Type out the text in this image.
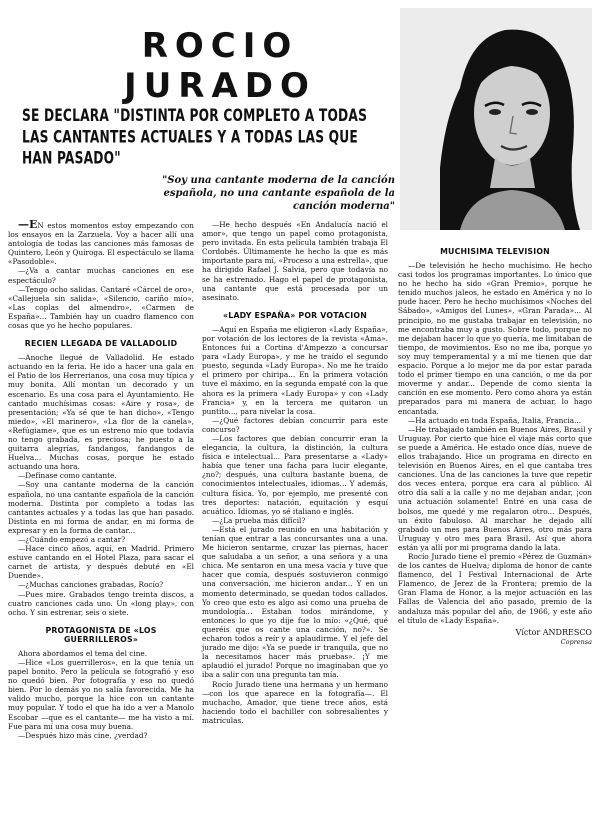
ROCIO JURADO
SE DECLARA "DISTINTA POR COMPLETO A TODAS LAS CANTANTES ACTUALES Y A TODAS LAS QUE HAN PASADO"
"Soy una cantante moderna de la canción española, no una cantante española de la canción moderna"

—EN estos momentos estoy empezando con los ensayos en la Zarzuela. Voy a hacer allí una antología de todas las canciones más famosas de Quintero, León y Quiroga. El espectáculo se llama «Pasodoble».

—¿Va a cantar muchas canciones en ese espectáculo?

—Tengo ocho salidas. Cantaré «Cárcel de oro», «Callejuela sin salida», «Silencio, cariño mío», «Las coplas del almendro», «Carmen de España»... También hay un cuadro flamenco con cosas que yo he hecho populares.

RECIEN LLEGADA DE VALLADOLID

—Anoche llegué de Valladolid. He estado actuando en la feria. He ido a hacer una gala en el Patio de los Herrerianos, una cosa muy típica y muy bonita. Allí montan un decorado y un escenario. Es una cosa para el Ayuntamiento. He cantado muchísimas cosas: «Aire y rosa», de presentación; «Ya sé que te han dicho», «Tengo miedo», «El marinero», «La flor de la canela», «Refúgiame», que es un estreno mío que todavía no tengo grabada, es preciosa; he puesto a la guitarra alegrías, fandangos, fandangos de Huelva... Muchas cosas, porque he estado actuando una hora.

—Defínase como cantante.

—Soy una cantante moderna de la canción española, no una cantante española de la canción moderna. Distinta por completo a todas las cantantes actuales y a todas las que han pasado. Distinta en mi forma de andar, en mi forma de expresar y en la forma de cantar...

—¿Cuándo empezó a cantar?

—Hace cinco años, aquí, en Madrid. Primero estuve cantando en el Hotel Plaza, para sacar el carnet de artista, y después debuté en «El Duende».

—¿Muchas canciones grabadas, Rocío?

—Pues mire. Grabados tengo treinta discos, a cuatro canciones cada uno. Un «long play», con ocho. Y sin estrenar, seis o siete.

PROTAGONISTA DE «LOS GUERRILLEROS»

Ahora abordamos el tema del cine.

—Hice «Los guerrilleros», en la que tenía un papel bonito. Pero la película se fotografió y eso no quedó bien. Por fotografía y eso no quedó bien. Por lo demás yo no salía favorecida. Me ha valido mucho, porque la hice con un cantante muy popular. Y todo el que ha ido a ver a Manolo Escobar —que es el cantante— me ha visto a mí. Fue para mí una cosa muy buena.

—Después hizo más cine, ¿verdad?

—He hecho después «En Andalucía nació el amor», que tengo un papel como protagonista, pero invitada. En esta película también trabaja El Cordobés. Últimamente he hecho la que es más importante para mí, «Proceso a una estrella», que ha dirigido Rafael J. Salvia, pero que todavía no se ha estrenado. Hago el papel de protagonista, una cantante que está procesada por un asesinato.

«LADY ESPAÑA» POR VOTACION

—Aquí en España me eligieron «Lady España», por votación de los lectores de la revista «Ama». Entonces fui a Cortina d'Ampezzo a concursar para «Lady Europa», y me he traído el segundo puesto, segunda «Lady Europa». No me he traído el primero por chiripa... En la primera votación tuve el máximo, en la segunda empaté con la que ahora es la primera «Lady Europa» y con «Lady Francia» y, en la tercera me quitaron un puntito..., para nivelar la cosa.

—¿Qué factores debían concurrir para este concurso?

—Los factores que debían concurrir eran la elegancia, la cultura, la distinción, la cultura física e intelectual... Para presentarse a «Lady» había que tener una facha para lucir elegante, ¿no?; después, una cultura bastante buena, de conocimientos intelectuales, idiomas... Y además, cultura física. Yo, por ejemplo, me presenté con tres deportes: natación, equitación y esquí acuático. Idiomas, yo sé italiano e inglés.

—¿La prueba más difícil?

—Está el jurado reunido en una habitación y tenían que entrar a las concursantes una a una. Me hicieron sentarme, cruzar las piernas, hacer que saludaba a un señor, a una señora y a una chica. Me sentaron en una mesa vacía y tuve que hacer que comía, después sostuvieron conmigo una conversación, me hicieron andar... Y en un momento determinado, se quedan todos callados. Yo creo que esto es algo así como una prueba de mundología... Estaban todos mirándome, y entonces lo que yo dije fue lo mío: «¿Qué, qué queréis que os cante una canción, no?». Se echaron todos a reír y a aplaudirme. Y el jefe del jurado me dijo: «Ya se puede ir tranquila, que no la necesitamos hacer más pruebas». ¡Y me aplaudió el jurado! Porque no imaginaban que yo iba a salir con una pregunta tan mía.

Rocío Jurado tiene una hermana y un hermano —con los que aparece en la fotografía—. El muchacho, Amador, que tiene trece años, está haciendo todo el bachiller con sobresalientes y matrículas.

MUCHISIMA TELEVISION

—De televisión he hecho muchísimo. He hecho casi todos los programas importantes. Lo único que no he hecho ha sido «Gran Premio», porque he tenido muchos jaleos, he estado en América y no lo pude hacer. Pero he hecho muchísimos «Noches del Sábado», «Amigos del Lunes», «Gran Parada»... Al principio, no me gustaba trabajar en televisión, no me encontraba muy a gusto. Sobre todo, porque no me dejaban hacer lo que yo quería, me limitaban de tiempo, de movimientos. Eso no me iba, porque yo soy muy temperamental y a mí me tienen que dar espacio. Porque a lo mejor me da por estar parada todo el primer tiempo en una canción, o me da por moverme y andar... Depende de como sienta la canción en ese momento. Pero como ahora ya están preparados para mi manera de actuar, lo hago encantada.

—Ha actuado en toda España, Italia, Francia...

—He trabajado también en Buenos Aires, Brasil y Uruguay. Por cierto que hice el viaje más corto que se puede a América. He estado once días, nueve de ellos trabajando. Hice un programa en directo en televisión en Buenos Aires, en el que cantaba tres canciones. Una de las canciones la tuve que repetir dos veces entera, porque era cara al público. Al otro día salí a la calle y no me dejaban andar, ¡con una actuación solamente! Entré en una casa de bolsos, me quedé y me regalaron otro... Después, un éxito fabuloso. Al marchar he dejado allí grabado un mes para Buenos Aires, otro más para Uruguay y otro mes para Brasil. Así que ahora están ya allí por mi programa dando la lata.

Rocío Jurado tiene el premio «Pérez de Guzmán» de los cantes de Huelva; diploma de honor de cante flamenco, del I Festival Internacional de Arte Flamenco, de Jerez de la Frontera; premio de la Gran Flama de Honor, a la mejor actuación en las Fallas de Valencia del año pasado, premio de la andaluza más popular del año, de 1966, y este año el título de «Lady España».

Víctor ANDRESCO
Coprensa
